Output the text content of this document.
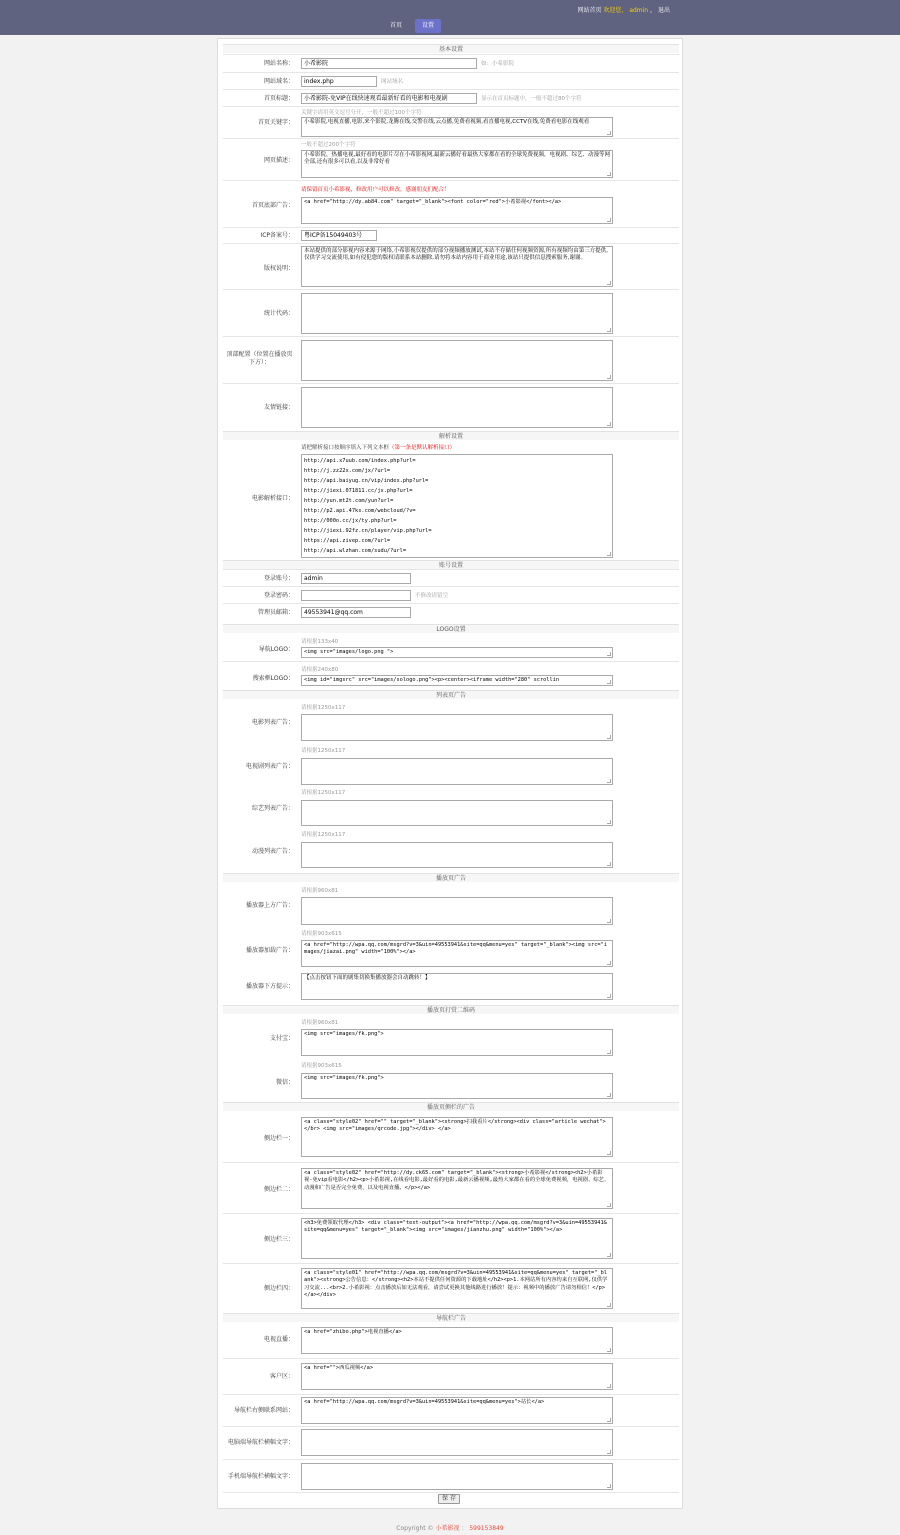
网站首页 欢迎您， admin ， 退出
首页	设置
基本设置
网站名称：	小希影院	如：小希影院
网站域名：	index.php	网站域名
首页标题：	小希影院-免VIP在线快速观看最新好看的电影和电视剧	显示在首页标题中，一般不超过80个字符
关键字请用英文逗号分开，一般不超过100个字符
首页关键字：	小希影院,电视直播,电影,来个影院,龙腾在线,交警在线,云点播,免费看视频,看直播电视,CCTV在线,免费看电影在线观看
一般不超过200个字符
网页描述：
小希影院，热播电视,最好看的电影片尽在小希影视网,最新云播好看最热大家都在看的全球免费视频，电视剧、综艺、动漫等网全部,还有很多可以看,以及非常好看
请保留首页小希影视，修改用户可以修改，感谢朋友们配合！
首页底部广告：	<a href="http://dy.ab84.com" target="_blank"><font color="red">小希影视</font></a>
ICP备案号：	粤ICP备15049403号
版权说明：
本站提供的部分影视内容来源于网络,小希影视仅提供的部分视频播放测试,本站不存储任何视频资源,所有视频均由第三方提供,仅供学习交流使用,如有侵犯您的版权请联系本站删除,请勿将本站内容用于商业用途,该站只提供信息搜索服务,谢谢。
统计代码：
顶部配置（位置在播放页下方）：
友情链接：
解析设置
请把解析接口按顺序填入下列文本框（第一条是默认解析接口）
电影解析接口：
http://api.x7uub.com/index.php?url=
http://j.zz22x.com/jx/?url=
http://api.baiyug.cn/vip/index.php?url=
http://jiexi.071811.cc/jx.php?url=
http://yun.mt2t.com/yun?url=
http://p2.api.47ks.com/webcloud/?v=
http://000o.cc/jx/ty.php?url=
http://jiexi.92fz.cn/player/vip.php?url=
https://api.zivep.com/?url=
http://api.wlzhan.com/sudu/?url=
账号设置
登录账号：	admin
登录密码：	不修改请留空
管理员邮箱：	49553941@qq.com
LOGO设置
请根据133x40
导航LOGO：	<img src="images/logo.png ">
请根据240x80
搜索框LOGO：	<img id="imgsrc" src="images/sologo.png"><p><center><iframe width="280" scrollin
列表页广告
请根据1250x117
电影列表广告：
请根据1250x117
电视剧列表广告：
请根据1250x117
综艺列表广告：
请根据1250x117
动漫列表广告：
播放页广告
请根据960x81
播放器上方广告：
请根据903x615
播放器加载广告：
<a href="http://wpa.qq.com/msgrd?v=3&uin=49553941&site=qq&menu=yes" target="_blank"><img src="images/jiazai.png" width="100%"></a>
播放器下方提示：
【点击按钮下面的剧集切换集播放器会自动跳转！】
播放页打赏二维码
请根据960x81
支付宝：
<img src="images/fk.png">
请根据903x615
微信：
<img src="images/fk.png">
播放页侧栏的广告
侧边栏一：
<a class="style02" href="" target="_blank"><strong>扫我看片</strong><div class="article wechat"> </br> <img src="images/qrcode.jpg"></div> </a>
侧边栏二：
<a class="style02" href="http://dy.ck65.com" target="_blank"><strong>小希影视</strong><h2>小希影视-免vip看电影</h2><p>小希影视,在线看电影,最好看的电影,最新云播视频,最热大家都在看的全球免费视频，电视剧、综艺、动漫和广告是否完全免费，以及电视直播。</p></a>
侧边栏三：
<h3>免费领取代理</h3> <div class="text-output"><a href="http://wpa.qq.com/msgrd?v=3&uin=49553941&site=qq&menu=yes" target="_blank"><img src="images/jianzhu.png" width="100%"></a>
侧边栏四：
<a class="style01" href="http://wpa.qq.com/msgrd?v=3&uin=49553941&site=qq&menu=yes" target="_blank"><strong>公告信息：</strong><h2>本站不提供任何资源的下载地址</h2><p>1.本网站所有内容均来自互联网,仅供学习交流...<br>2.小希影视：点击播放后如无法观看，请尝试更换其他线路进行播放！提示：视频中的播放广告请勿相信！</p></a></div>
导航栏广告
电视直播：
<a href="zhibo.php">电视直播</a>
客户区：
<a href="">西瓜视频</a>
导航栏右侧联系网站：
<a href="http://wpa.qq.com/msgrd?v=3&uin=49553941&site=qq&menu=yes">站长</a>
电脑端导航栏横幅文字：
手机端导航栏横幅文字：
保 存
Copyright © 小希影视 ： 599153849
